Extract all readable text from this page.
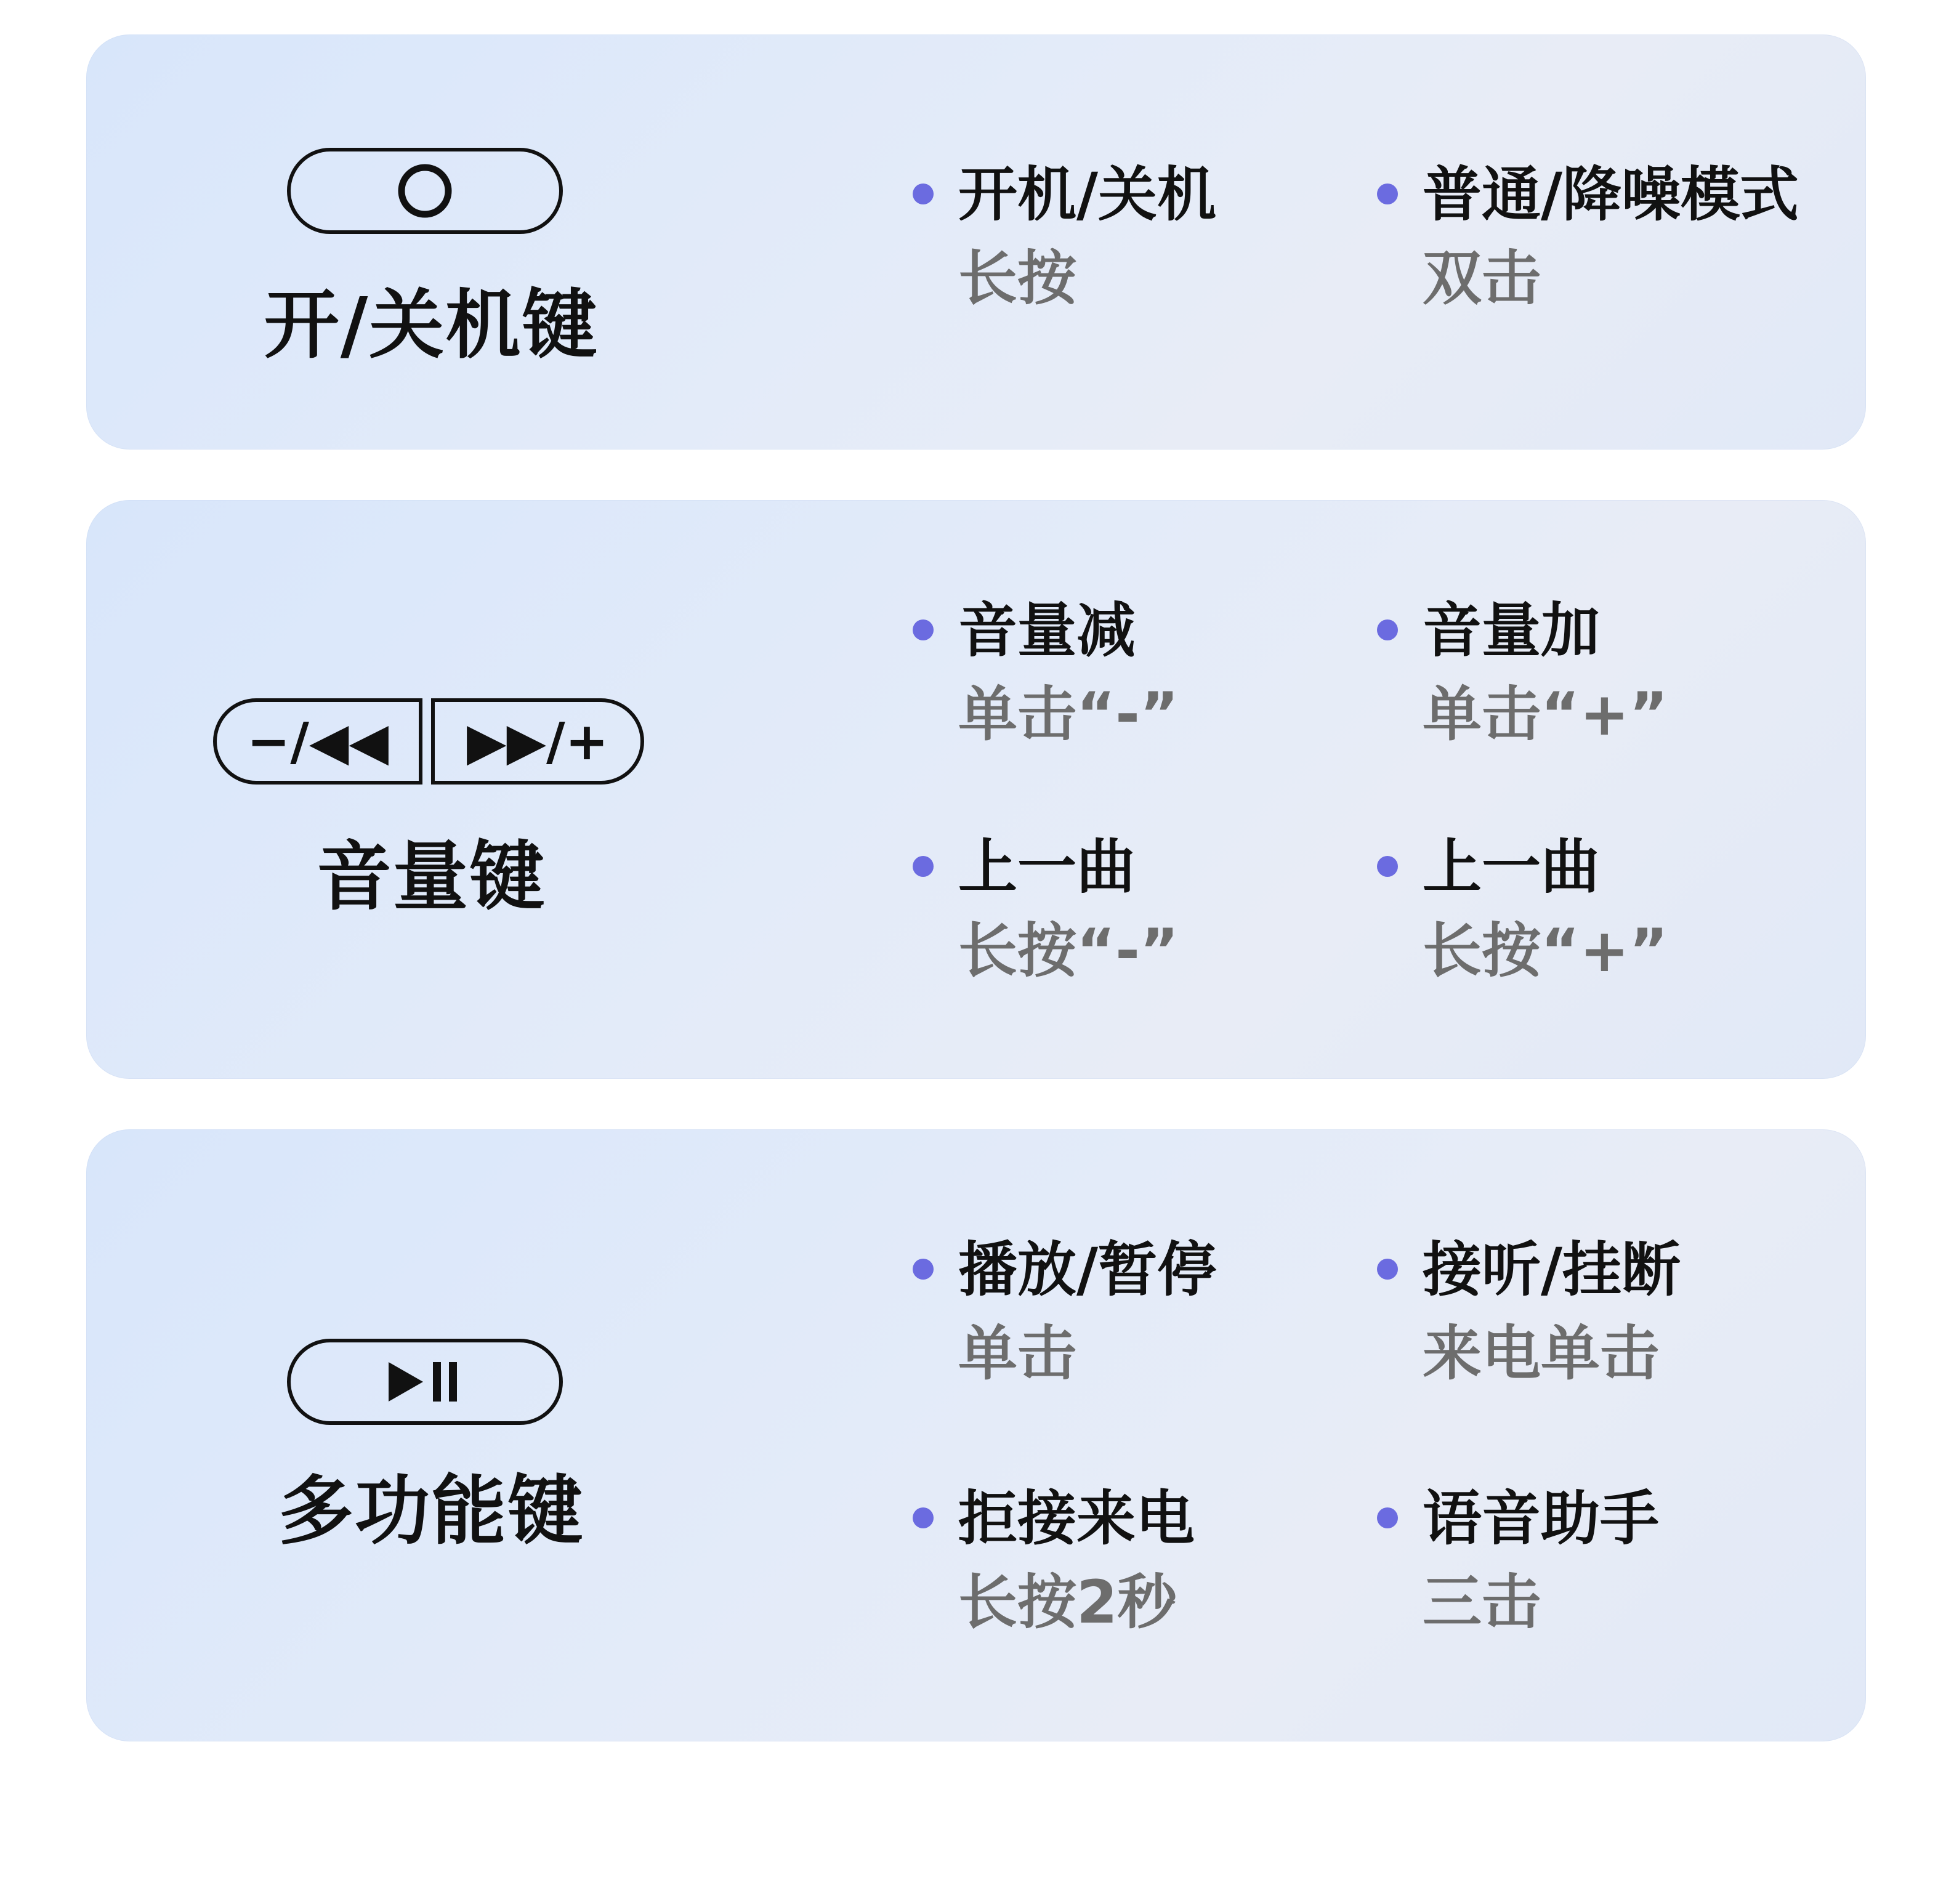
开/关机键
开机/关机
长按
普通/降噪模式
双击
−/◀◀ ▶▶/+
音量键
音量减
单击“-”
音量加
单击“+”
上一曲
长按“-”
上一曲
长按“+”
多功能键
播放/暂停
单击
接听/挂断
来电单击
拒接来电
长按2秒
语音助手
三击
